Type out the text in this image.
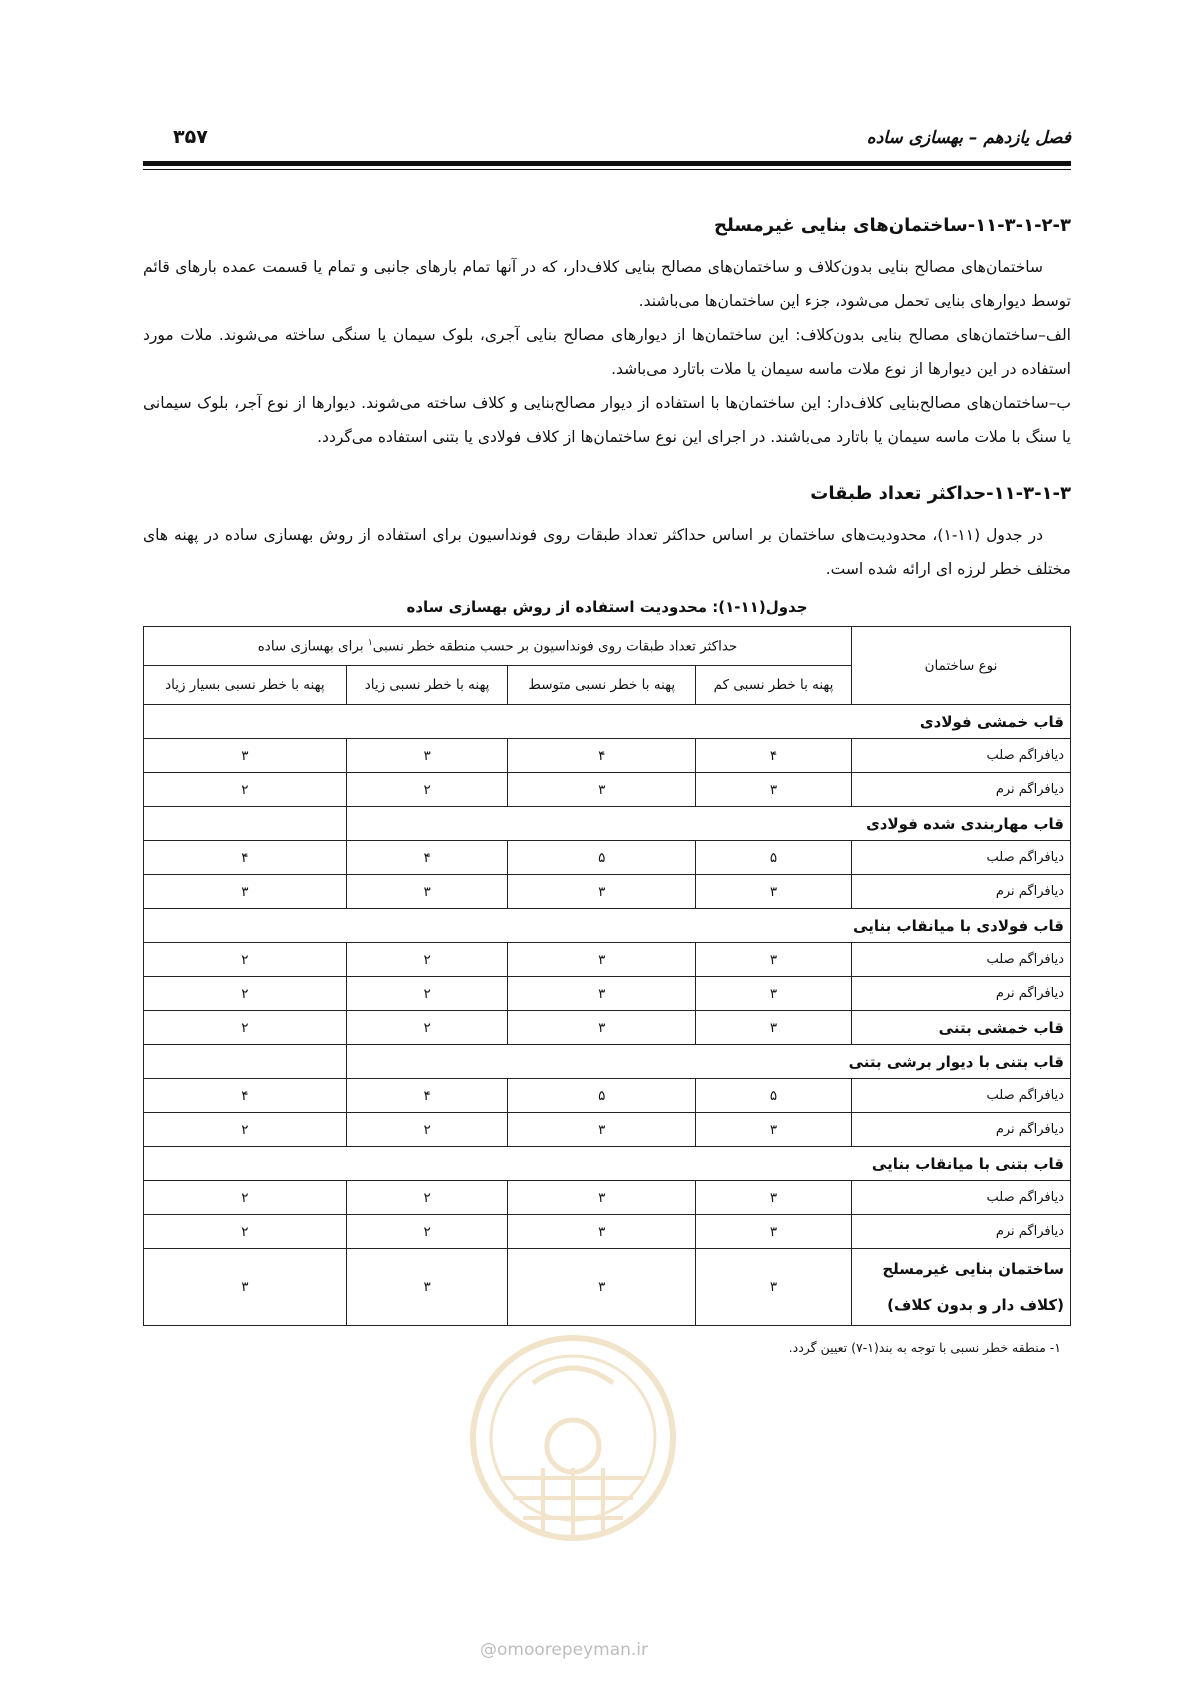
فصل یازدهم – بهسازی ساده
۳۵۷
۱۱-۳-۱-۲-۳-ساختمان‌های بنایی غیرمسلح

ساختمان‌های مصالح بنایی بدون‌کلاف و ساختمان‌های مصالح بنایی کلاف‌دار، که در آنها تمام بارهای جانبی و تمام یا قسمت عمده بارهای قائم توسط دیوارهای بنایی تحمل می‌شود، جزء این ساختمان‌ها می‌باشند.

الف–ساختمان‌های مصالح بنایی بدون‌کلاف: این ساختمان‌ها از دیوارهای مصالح بنایی آجری، بلوک سیمان یا سنگی ساخته می‌شوند. ملات مورد استفاده در این دیوارها از نوع ملات ماسه سیمان یا ملات باتارد می‌باشد.

ب–ساختمان‌های مصالح‌بنایی کلاف‌دار: این ساختمان‌ها با استفاده از دیوار مصالح‌بنایی و کلاف ساخته می‌شوند. دیوارها از نوع آجر، بلوک سیمانی یا سنگ با ملات ماسه سیمان یا باتارد می‌باشند. در اجرای این نوع ساختمان‌ها از کلاف فولادی یا بتنی استفاده می‌گردد.

۱۱-۳-۱-۳-حداکثر تعداد طبقات

در جدول (۱۱-۱)، محدودیت‌های ساختمان بر اساس حداکثر تعداد طبقات روی فونداسیون برای استفاده از روش بهسازی ساده در پهنه های مختلف خطر لرزه ای ارائه شده است.

جدول(۱۱-۱): محدودیت استفاده از روش بهسازی ساده
نوع ساختمان	حداکثر تعداد طبقات روی فونداسیون بر حسب منطقه خطر نسبی$^۱$ برای بهسازی ساده			
	پهنه با خطر نسبی کم	پهنه با خطر نسبی متوسط	پهنه با خطر نسبی زیاد	پهنه با خطر نسبی بسیار زیاد
قاب خمشی فولادی				
دیافراگم صلب	۴	۴	۳	۳
دیافراگم نرم	۳	۳	۲	۲
قاب مهاربندی شده فولادی				
دیافراگم صلب	۵	۵	۴	۴
دیافراگم نرم	۳	۳	۳	۳
قاب فولادی با میانقاب بنایی				
دیافراگم صلب	۳	۳	۲	۲
دیافراگم نرم	۳	۳	۲	۲
قاب خمشی بتنی	۳	۳	۲	۲
قاب بتنی با دیوار برشی بتنی				
دیافراگم صلب	۵	۵	۴	۴
دیافراگم نرم	۳	۳	۲	۲
قاب بتنی با میانقاب بنایی				
دیافراگم صلب	۳	۳	۲	۲
دیافراگم نرم	۳	۳	۲	۲

ساختمان بنایی غیرمسلح
(کلاف دار و بدون کلاف)	۳	۳	۳	۳
۱- منطقه خطر نسبی با توجه به بند(۱-۷) تعیین گردد.
@omoorepeyman.ir
